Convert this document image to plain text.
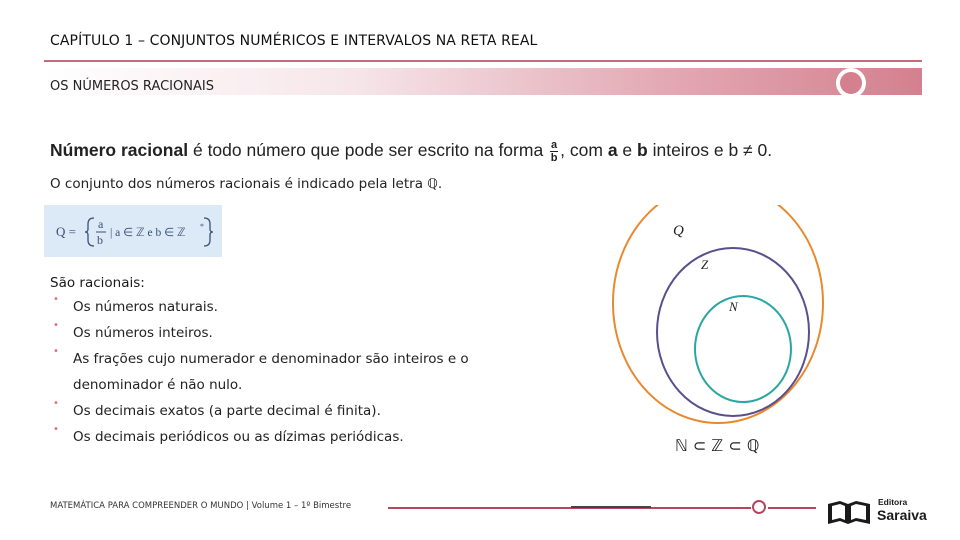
CAPÍTULO 1 – CONJUNTOS NUMÉRICOS E INTERVALOS NA RETA REAL
OS NÚMEROS RACIONAIS
Número racional é todo número que pode ser escrito na forma $\frac{a}{b}$ , com a e b inteiros e b ≠ 0.
O conjunto dos números racionais é indicado pela letra ℚ.
Q = a
b | a ∈ ℤ e b ∈ ℤ
*
São racionais:
• Os números naturais.
• Os números inteiros.
• As frações cujo numerador e denominador são inteiros e o
denominador é não nulo.
• Os decimais exatos (a parte decimal é finita).
• Os decimais periódicos ou as dízimas periódicas.
Q
Z
N
ℕ ⊂ ℤ ⊂ ℚ
MATEMÁTICA PARA COMPREENDER O MUNDO | Volume 1 – 1º Bimestre	Editora
Saraiva
